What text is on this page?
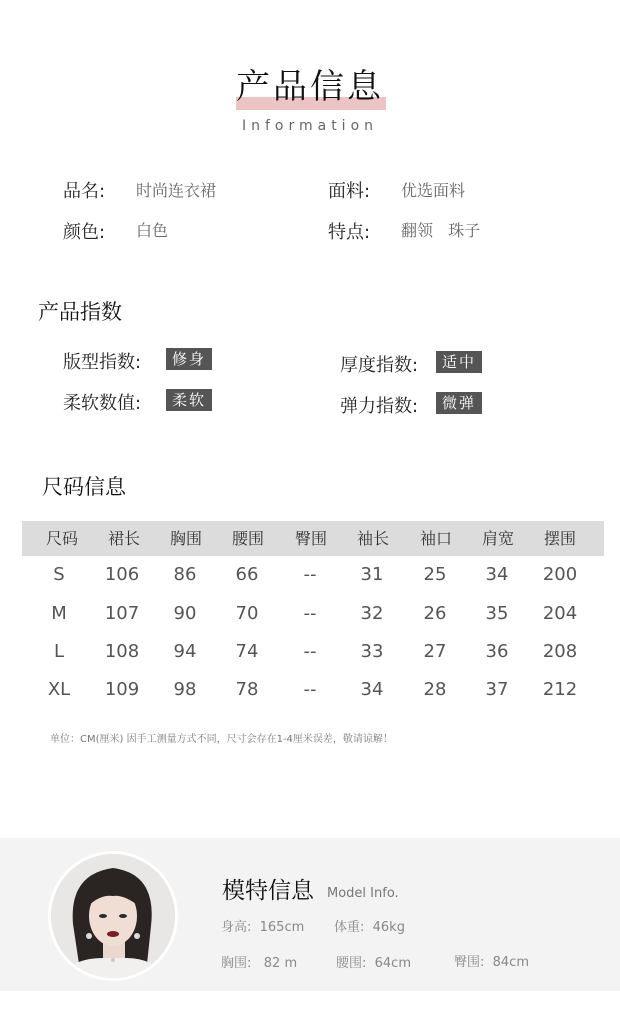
产品信息
Information
品名: 时尚连衣裙	面料: 优选面料
颜色: 白色	特点: 翻领   珠子
产品指数
版型指数:	修身	厚度指数:	适中
柔软数值:	柔软	弹力指数:	微弹
尺码信息
尺码	裙长	胸围	腰围	臀围	袖长	袖口	肩宽	摆围
S	106	86	66	--	31	25	34	200
M	107	90	70	--	32	26	35	204
L	108	94	74	--	33	27	36	208
XL	109	98	78	--	34	28	37	212
单位：CM(厘米) 因手工测量方式不同，尺寸会存在1-4厘米误差，敬请谅解！
模特信息 Model Info.
身高:  165cm 体重:  46kg
胸围:   82 m	腰围:  64cm	臀围:  84cm
